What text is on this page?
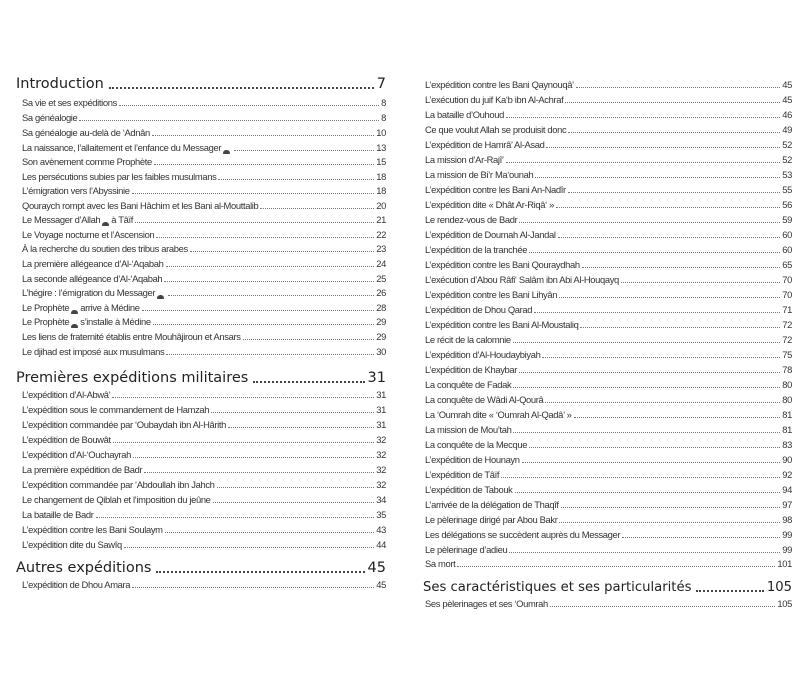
Introduction	7
Sa vie et ses expéditions	8
Sa généalogie	8
Sa généalogie au-delà de ‘Adnân	10
La naissance, l’allaitement et l’enfance du Messager	13
Son avènement comme Prophète	15
Les persécutions subies par les faibles musulmans	18
L’émigration vers l’Abyssinie	18
Qouraych rompt avec les Bani Hâchim et les Bani al-Mouttalib	20
Le Messager d’Allah à Tâïf	21
Le Voyage nocturne et l’Ascension	22
À la recherche du soutien des tribus arabes	23
La première allégeance d’Al-‘Aqabah	24
La seconde allégeance d’Al-‘Aqabah	25
L’hégire : l’émigration du Messager	26
Le Prophète arrive à Médine	28
Le Prophète s’installe à Médine	29
Les liens de fraternité établis entre Mouhâjiroun et Ansars	29
Le djihad est imposé aux musulmans	30
Premières expéditions militaires	31
L’expédition d’Al-Abwâ’	31
L’expédition sous le commandement de Hamzah	31
L’expédition commandée par ‘Oubaydah ibn Al-Hârith	31
L’expédition de Bouwât	32
L’expédition d’Al-‘Ouchayrah	32
La première expédition de Badr	32
L’expédition commandée par ‘Abdoullah ibn Jahch	32
Le changement de Qiblah et l’imposition du jeûne	34
La bataille de Badr	35
L’expédition contre les Bani Soulaym	43
L’expédition dite du Sawîq	44
Autres expéditions	45
L’expédition de Dhou Amara	45
L’expédition contre les Bani Qaynouqâ’	45
L’exécution du juif Ka‘b ibn Al-Achraf	45
La bataille d’Ouhoud	46
Ce que voulut Allah se produisit donc	49
L’expédition de Hamrâ’ Al-Asad	52
La mission d’Ar-Rajî’	52
La mission de Bi’r Ma‘ounah	53
L’expédition contre les Bani An-Nadîr	55
L’expédition dite « Dhât Ar-Riqâ‘ »	56
Le rendez-vous de Badr	59
L’expédition de Doumah Al-Jandal	60
L’expédition de la tranchée	60
L’expédition contre les Bani Qouraydhah	65
L’exécution d’Abou Râfi‘ Salâm ibn Abi Al-Houqayq	70
L’expédition contre les Bani Lihyân	70
L’expédition de Dhou Qarad	71
L’expédition contre les Bani Al-Moustaliq	72
Le récit de la calomnie	72
L’expédition d’Al-Houdaybiyah	75
L’expédition de Khaybar	78
La conquête de Fadak	80
La conquête de Wâdi Al-Qourâ	80
La ‘Oumrah dite « ‘Oumrah Al-Qadâ’ »	81
La mission de Mou’tah	81
La conquête de la Mecque	83
L’expédition de Hounayn	90
L’expédition de Tâïf	92
L’expédition de Tabouk	94
L’arrivée de la délégation de Thaqîf	97
Le pèlerinage dirigé par Abou Bakr	98
Les délégations se succèdent auprès du Messager	99
Le pèlerinage d’adieu	99
Sa mort	101
Ses caractéristiques et ses particularités	105
Ses pèlerinages et ses ‘Oumrah	105
